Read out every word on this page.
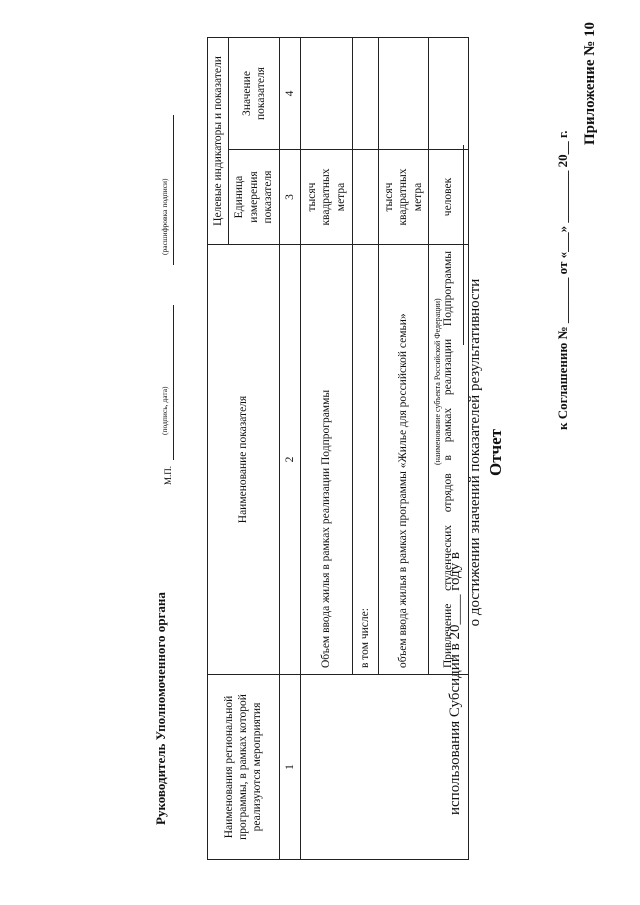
Приложение № 10
к Соглашению № _______ от «___» ________ 20__ г.
Отчет
о достижении значений показателей результативности
использования Субсидии в 20____ году в
(наименование субъекта Российской Федерации)
Наименования региональной программы, в рамках которой реализуются мероприятия	Наименование показателя	Целевые индикаторы и показатели	
		Единица измерения показателя	Значение показателя
1	2	3	4
	Объем ввода жилья в рамках реализации Подпрограммы	тысяч квадратных метра	
	в том числе:		
	объем ввода жилья в рамках программы «Жилье для российской семьи»	тысяч квадратных метра	
	Привлечение студенческих отрядов в рамках реализации Подпрограммы	человек	
М.П.
(подпись, дата)
(расшифровка подписи)
Руководитель Уполномоченного органа
